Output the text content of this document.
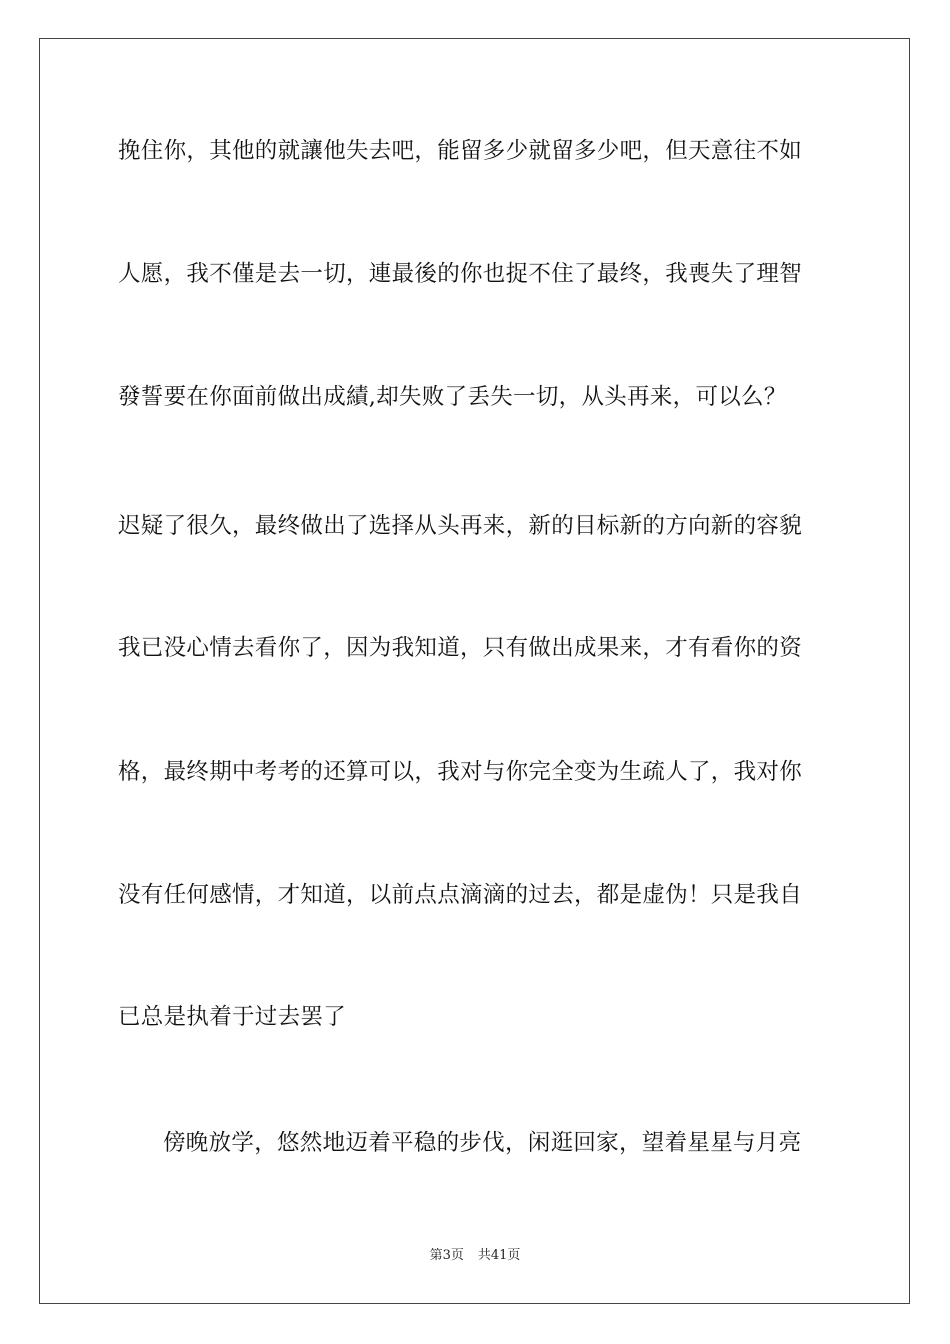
挽住你，其他的就讓他失去吧，能留多少就留多少吧，但天意往不如
人愿，我不僅是去一切，連最後的你也捉不住了最终，我喪失了理智
發誓要在你面前做出成績,却失败了丢失一切，从头再来，可以么？
迟疑了很久，最终做出了选择从头再来，新的目标新的方向新的容貌
我已没心情去看你了，因为我知道，只有做出成果来，才有看你的资
格，最终期中考考的还算可以，我对与你完全变为生疏人了，我对你
没有任何感情，才知道，以前点点滴滴的过去，都是虚伪！只是我自
已总是执着于过去罢了
傍晚放学，悠然地迈着平稳的步伐，闲逛回家，望着星星与月亮
第3页 共41页
